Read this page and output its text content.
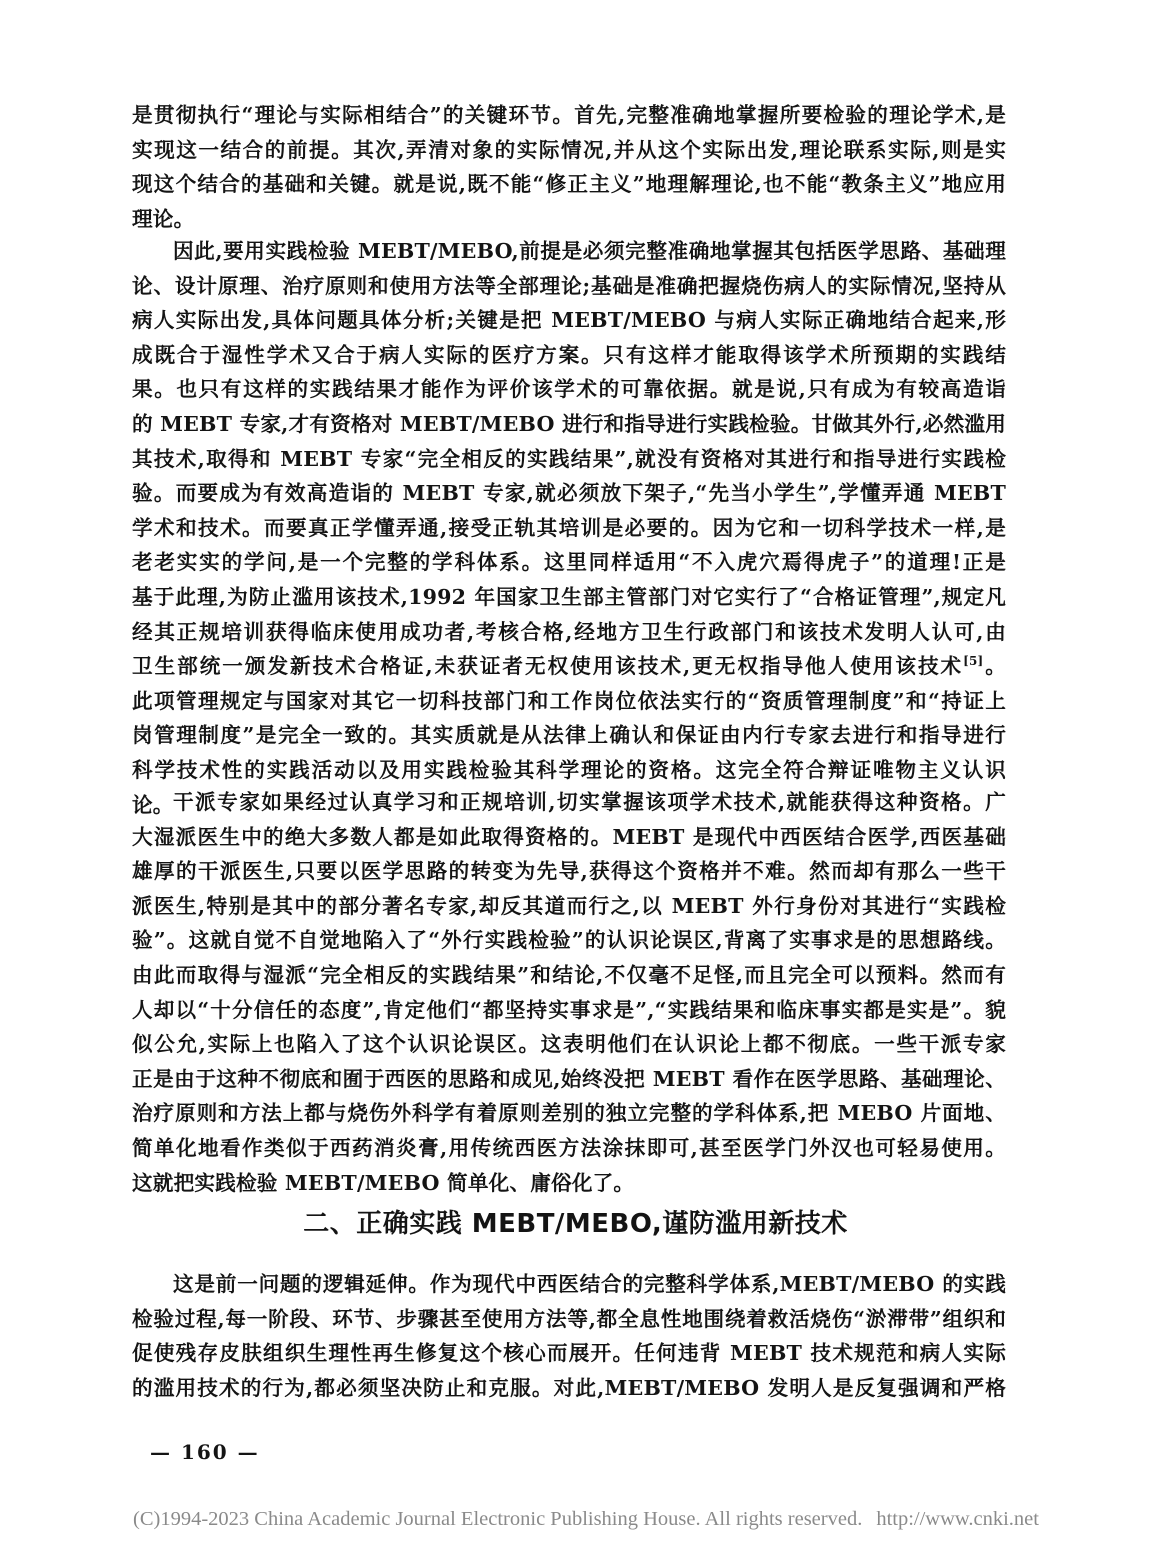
是贯彻执行“理论与实际相结合”的关键环节。首先,完整准确地掌握所要检验的理论学术,是
实现这一结合的前提。其次,弄清对象的实际情况,并从这个实际出发,理论联系实际,则是实
现这个结合的基础和关键。就是说,既不能“修正主义”地理解理论,也不能“教条主义”地应用
理论。
因此,要用实践检验 MEBT/MEBO,前提是必须完整准确地掌握其包括医学思路、基础理
论、设计原理、治疗原则和使用方法等全部理论;基础是准确把握烧伤病人的实际情况,坚持从
病人实际出发,具体问题具体分析;关键是把 MEBT/MEBO 与病人实际正确地结合起来,形
成既合于湿性学术又合于病人实际的医疗方案。只有这样才能取得该学术所预期的实践结
果。也只有这样的实践结果才能作为评价该学术的可靠依据。就是说,只有成为有较高造诣
的 MEBT 专家,才有资格对 MEBT/MEBO 进行和指导进行实践检验。甘做其外行,必然滥用
其技术,取得和 MEBT 专家“完全相反的实践结果”,就没有资格对其进行和指导进行实践检
验。而要成为有效高造诣的 MEBT 专家,就必须放下架子,“先当小学生”,学懂弄通 MEBT
学术和技术。而要真正学懂弄通,接受正轨其培训是必要的。因为它和一切科学技术一样,是
老老实实的学问,是一个完整的学科体系。这里同样适用“不入虎穴焉得虎子”的道理!正是
基于此理,为防止滥用该技术,1992 年国家卫生部主管部门对它实行了“合格证管理”,规定凡
经其正规培训获得临床使用成功者,考核合格,经地方卫生行政部门和该技术发明人认可,由
卫生部统一颁发新技术合格证,未获证者无权使用该技术,更无权指导他人使用该技术[5]。
此项管理规定与国家对其它一切科技部门和工作岗位依法实行的“资质管理制度”和“持证上
岗管理制度”是完全一致的。其实质就是从法律上确认和保证由内行专家去进行和指导进行
科学技术性的实践活动以及用实践检验其科学理论的资格。这完全符合辩证唯物主义认识
论。 干派专家如果经过认真学习和正规培训,切实掌握该项学术技术,就能获得这种资格。广
大湿派医生中的绝大多数人都是如此取得资格的。MEBT 是现代中西医结合医学,西医基础
雄厚的干派医生,只要以医学思路的转变为先导,获得这个资格并不难。然而却有那么一些干
派医生,特别是其中的部分著名专家,却反其道而行之,以 MEBT 外行身份对其进行“实践检
验”。这就自觉不自觉地陷入了“外行实践检验”的认识论误区,背离了实事求是的思想路线。
由此而取得与湿派“完全相反的实践结果”和结论,不仅毫不足怪,而且完全可以预料。然而有
人却以“十分信任的态度”,肯定他们“都坚持实事求是”,“实践结果和临床事实都是实是”。貌
似公允,实际上也陷入了这个认识论误区。这表明他们在认识论上都不彻底。一些干派专家
正是由于这种不彻底和囿于西医的思路和成见,始终没把 MEBT 看作在医学思路、基础理论、
治疗原则和方法上都与烧伤外科学有着原则差别的独立完整的学科体系,把 MEBO 片面地、
简单化地看作类似于西药消炎膏,用传统西医方法涂抹即可,甚至医学门外汉也可轻易使用。
这就把实践检验 MEBT/MEBO 简单化、庸俗化了。
二、正确实践 MEBT/MEBO,谨防滥用新技术
这是前一问题的逻辑延伸。作为现代中西医结合的完整科学体系,MEBT/MEBO 的实践
检验过程,每一阶段、环节、步骤甚至使用方法等,都全息性地围绕着救活烧伤“淤滞带”组织和
促使残存皮肤组织生理性再生修复这个核心而展开。任何违背 MEBT 技术规范和病人实际
的滥用技术的行为,都必须坚决防止和克服。对此,MEBT/MEBO 发明人是反复强调和严格
— 160 —
(C)1994-2023 China Academic Journal Electronic Publishing House. All rights reserved. http://www.cnki.net
